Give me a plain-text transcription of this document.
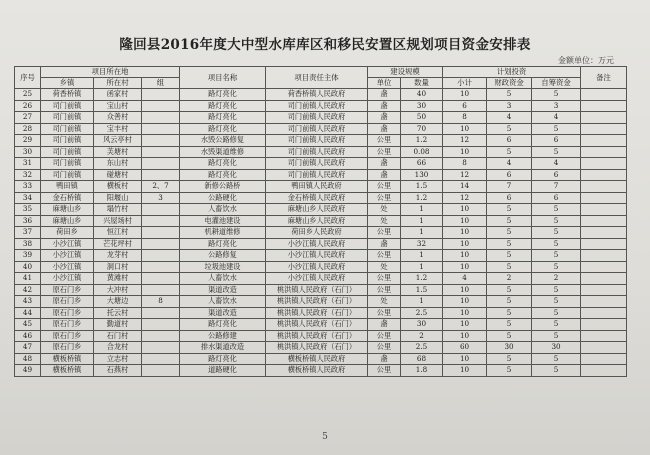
隆回县2016年度大中型水库库区和移民安置区规划项目资金安排表
金额单位：万元
序号	项目所在地			项目名称	项目责任主体	建设规模		计划投资			备注
	乡镇	所在村	组			单位	数量	小计	财政资金	自筹资金	
25	荷香桥镇	函家村		路灯亮化	荷香桥镇人民政府	盏	40	10	5	5	
26	司门前镇	宝山村		路灯亮化	司门前镇人民政府	盏	30	6	3	3	
27	司门前镇	众善村		路灯亮化	司门前镇人民政府	盏	50	8	4	4	
28	司门前镇	宝丰村		路灯亮化	司门前镇人民政府	盏	70	10	5	5	
29	司门前镇	风云亭村		水毁公路修复	司门前镇人民政府	公里	1.2	12	6	6	
30	司门前镇	芙塘村		水毁渠道维修	司门前镇人民政府	公里	0.08	10	5	5	
31	司门前镇	东山村		路灯亮化	司门前镇人民政府	盏	66	8	4	4	
32	司门前镇	碰塘村		路灯亮化	司门前镇人民政府	盏	130	12	6	6	
33	鸭田镇	横板村	2、7	新修公路桥	鸭田镇人民政府	公里	1.5	14	7	7	
34	金石桥镇	阳堰山	3	公路硬化	金石桥镇人民政府	公里	1.2	12	6	6	
35	麻塘山乡	塌竹村		人畜饮水	麻塘山乡人民政府	处	1	10	5	5	
36	麻塘山乡	兴屋场村		电灌池建设	麻塘山乡人民政府	处	1	10	5	5	
37	荷田乡	恒江村		机耕道维修	荷田乡人民政府	公里	1	10	5	5	
38	小沙江镇	芒花坪村		路灯亮化	小沙江镇人民政府	盏	32	10	5	5	
39	小沙江镇	龙芽村		公路修复	小沙江镇人民政府	公里	1	10	5	5	
40	小沙江镇	洞口村		垃圾池建设	小沙江镇人民政府	处	1	10	5	5	
41	小沙江镇	黄滩村		人畜饮水	小沙江镇人民政府	公里	1.2	4	2	2	
42	原石门乡	大冲村		渠道改造	桃洪镇人民政府（石门）	公里	1.5	10	5	5	
43	原石门乡	大塘边	8	人畜饮水	桃洪镇人民政府（石门）	处	1	10	5	5	
44	原石门乡	托云村		渠道改造	桃洪镇人民政府（石门）	公里	2.5	10	5	5	
45	原石门乡	勤道村		路灯亮化	桃洪镇人民政府（石门）	盏	30	10	5	5	
46	原石门乡	石门村		公路修建	桃洪镇人民政府（石门）	公里	2	10	5	5	
47	原石门乡	合龙村		排水渠道改造	桃洪镇人民政府（石门）	公里	2.5	60	30	30	
48	横板桥镇	立志村		路灯亮化	横板桥镇人民政府	盏	68	10	5	5	
49	横板桥镇	石燕村		道路硬化	横板桥镇人民政府	公里	1.8	10	5	5	
5
